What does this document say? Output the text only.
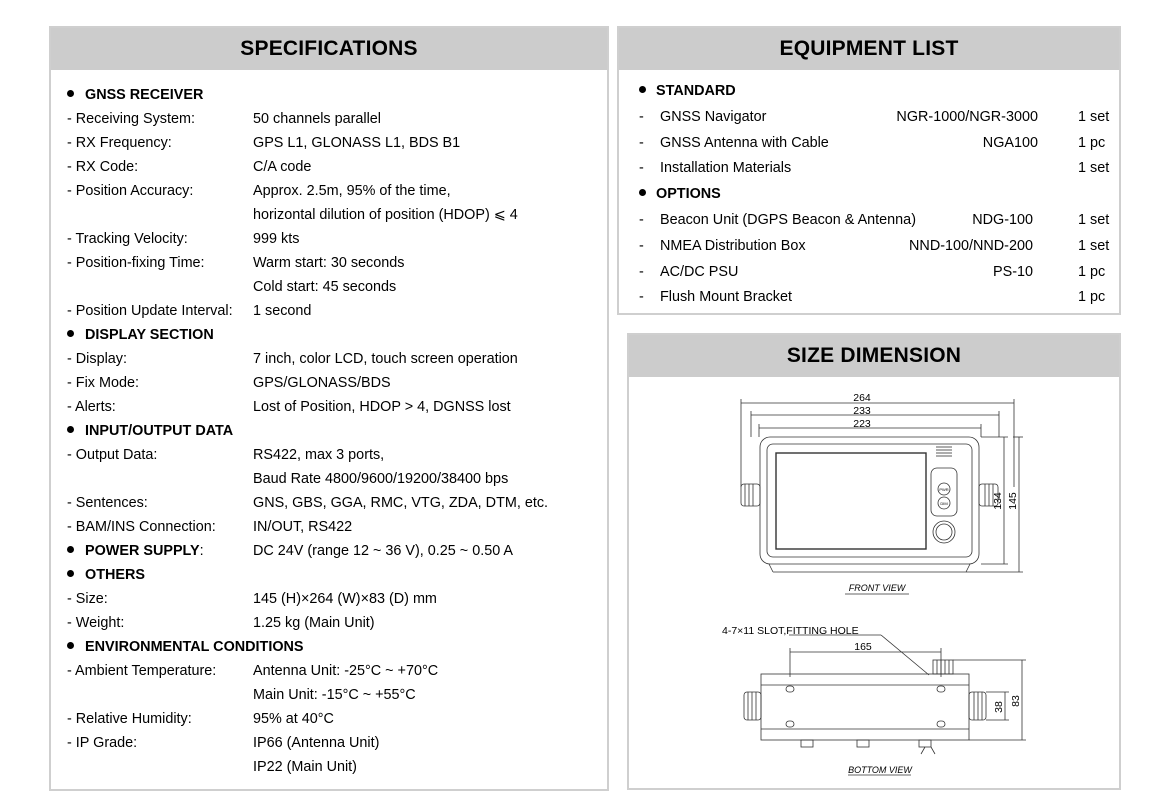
SPECIFICATIONS
GNSS RECEIVER
- Receiving System:	50 channels parallel
- RX Frequency:	GPS L1, GLONASS L1, BDS B1
- RX Code:	C/A code
- Position Accuracy:	Approx. 2.5m, 95% of the time,
horizontal dilution of position (HDOP) ⩽ 4
- Tracking Velocity:	999 kts
- Position-fixing Time:	Warm start: 30 seconds
Cold start: 45 seconds
- Position Update Interval: 1 second
DISPLAY SECTION
- Display:	7 inch, color LCD, touch screen operation
- Fix Mode:	GPS/GLONASS/BDS
- Alerts:	Lost of Position, HDOP > 4, DGNSS lost
INPUT/OUTPUT DATA
- Output Data:	RS422, max 3 ports,
Baud Rate 4800/9600/19200/38400 bps
- Sentences:	GNS, GBS, GGA, RMC, VTG, ZDA, DTM, etc.
- BAM/INS Connection:	IN/OUT, RS422
POWER SUPPLY:	DC 24V (range 12 ~ 36 V), 0.25 ~ 0.50 A
OTHERS
- Size:	145 (H)×264 (W)×83 (D) mm
- Weight:	1.25 kg (Main Unit)
ENVIRONMENTAL CONDITIONS
- Ambient Temperature:	Antenna Unit: -25°C ~ +70°C
Main Unit: -15°C ~ +55°C
- Relative Humidity:	95% at 40°C
- IP Grade:	IP66 (Antenna Unit)
IP22 (Main Unit)
EQUIPMENT LIST
STANDARD
- GNSS Navigator	NGR-1000/NGR-3000	1 set
- GNSS Antenna with Cable	NGA100	1 pc
- Installation Materials	1 set
OPTIONS
- Beacon Unit (DGPS Beacon & Antenna)	NDG-100	1 set
- NMEA Distribution Box	NND-100/NND-200	1 set
- AC/DC PSU	PS-10	1 pc
- Flush Mount Bracket	1 pc
SIZE DIMENSION
264
233
223
PWR
DIM	134 145
FRONT VIEW
4-7×11 SLOT,FITTING HOLE
165
38
83
BOTTOM VIEW
